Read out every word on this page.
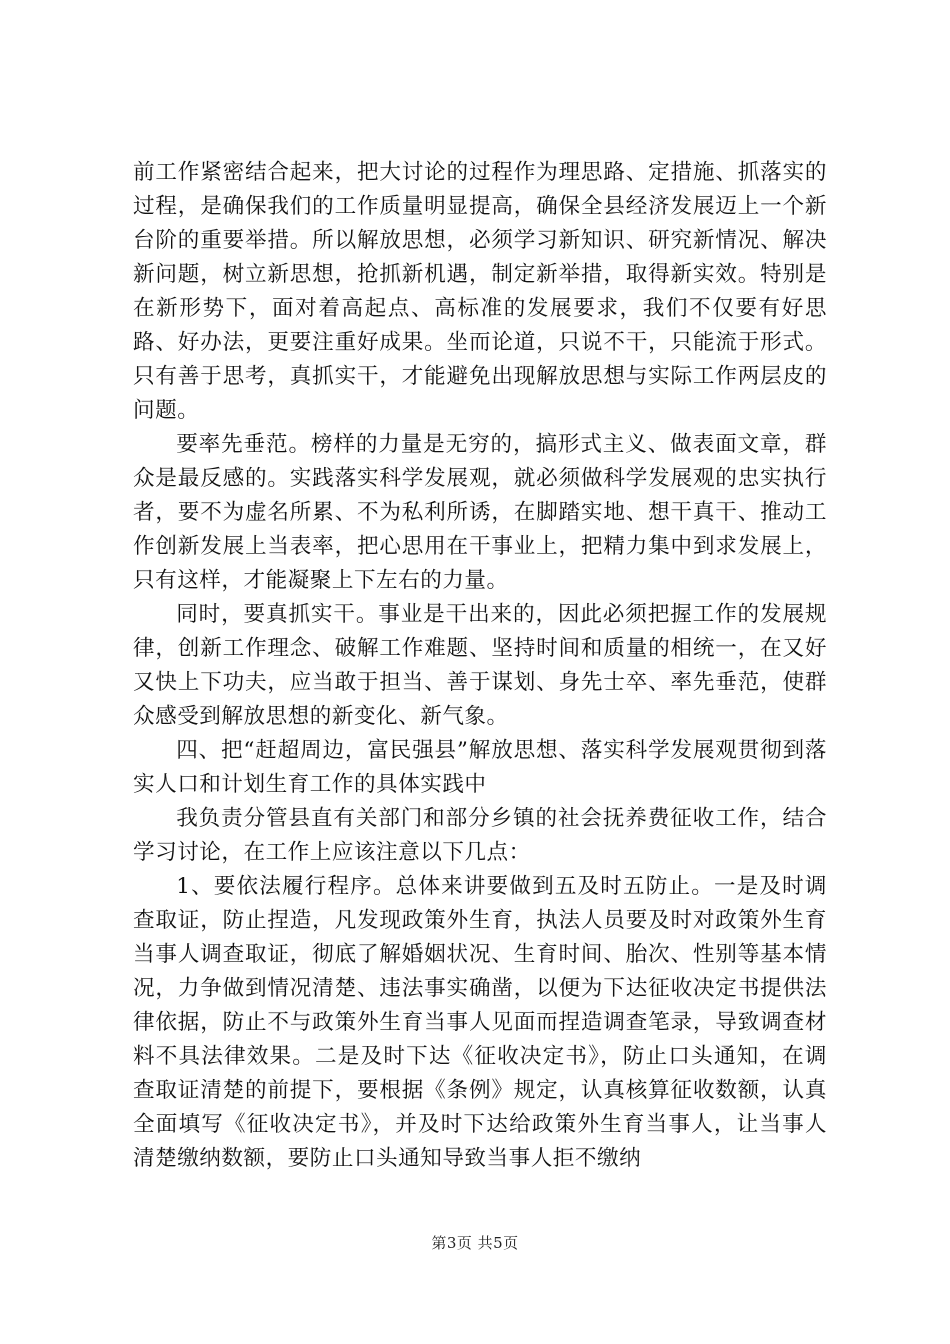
前工作紧密结合起来，把大讨论的过程作为理思路、定措施、抓落实的过程，是确保我们的工作质量明显提高，确保全县经济发展迈上一个新台阶的重要举措。所以解放思想，必须学习新知识、研究新情况、解决新问题，树立新思想，抢抓新机遇，制定新举措，取得新实效。特别是在新形势下，面对着高起点、高标准的发展要求，我们不仅要有好思路、好办法，更要注重好成果。坐而论道，只说不干，只能流于形式。只有善于思考，真抓实干，才能避免出现解放思想与实际工作两层皮的问题。

要率先垂范。榜样的力量是无穷的，搞形式主义、做表面文章，群众是最反感的。实践落实科学发展观，就必须做科学发展观的忠实执行者，要不为虚名所累、不为私利所诱，在脚踏实地、想干真干、推动工作创新发展上当表率，把心思用在干事业上，把精力集中到求发展上，只有这样，才能凝聚上下左右的力量。

同时，要真抓实干。事业是干出来的，因此必须把握工作的发展规律，创新工作理念、破解工作难题、坚持时间和质量的相统一，在又好又快上下功夫，应当敢于担当、善于谋划、身先士卒、率先垂范，使群众感受到解放思想的新变化、新气象。

四、把“赶超周边，富民强县”解放思想、落实科学发展观贯彻到落实人口和计划生育工作的具体实践中

我负责分管县直有关部门和部分乡镇的社会抚养费征收工作，结合学习讨论，在工作上应该注意以下几点：

1、要依法履行程序。总体来讲要做到五及时五防止。一是及时调查取证，防止捏造，凡发现政策外生育，执法人员要及时对政策外生育当事人调查取证，彻底了解婚姻状况、生育时间、胎次、性别等基本情况，力争做到情况清楚、违法事实确凿，以便为下达征收决定书提供法律依据，防止不与政策外生育当事人见面而捏造调查笔录，导致调查材料不具法律效果。二是及时下达《征收决定书》，防止口头通知，在调查取证清楚的前提下，要根据《条例》规定，认真核算征收数额，认真全面填写《征收决定书》，并及时下达给政策外生育当事人，让当事人清楚缴纳数额，要防止口头通知导致当事人拒不缴纳

第3页 共5页
